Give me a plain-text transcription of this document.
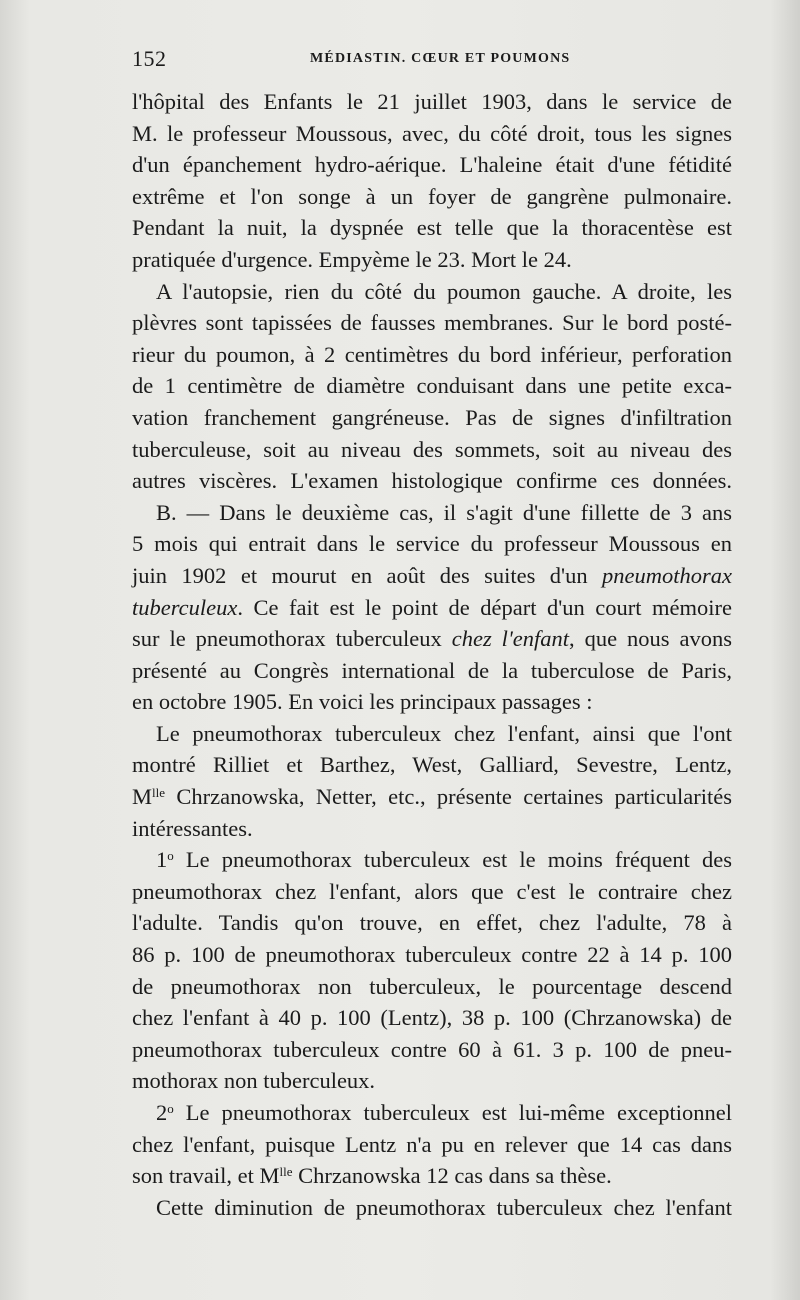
152	MÉDIASTIN. CŒUR ET POUMONS
l'hôpital des Enfants le 21 juillet 1903, dans le service de
M. le professeur Moussous, avec, du côté droit, tous les signes
d'un épanchement hydro-aérique. L'haleine était d'une fétidité
extrême et l'on songe à un foyer de gangrène pulmonaire.
Pendant la nuit, la dyspnée est telle que la thoracentèse est
pratiquée d'urgence. Empyème le 23. Mort le 24.
A l'autopsie, rien du côté du poumon gauche. A droite, les
plèvres sont tapissées de fausses membranes. Sur le bord posté-
rieur du poumon, à 2 centimètres du bord inférieur, perforation
de 1 centimètre de diamètre conduisant dans une petite exca-
vation franchement gangréneuse. Pas de signes d'infiltration
tuberculeuse, soit au niveau des sommets, soit au niveau des
autres viscères. L'examen histologique confirme ces données.
B. — Dans le deuxième cas, il s'agit d'une fillette de 3 ans
5 mois qui entrait dans le service du professeur Moussous en
juin 1902 et mourut en août des suites d'un pneumothorax
tuberculeux. Ce fait est le point de départ d'un court mémoire
sur le pneumothorax tuberculeux chez l'enfant, que nous avons
présenté au Congrès international de la tuberculose de Paris,
en octobre 1905. En voici les principaux passages :
Le pneumothorax tuberculeux chez l'enfant, ainsi que l'ont
montré Rilliet et Barthez, West, Galliard, Sevestre, Lentz,
$M^{lle}$ Chrzanowska, Netter, etc., présente certaines particularités
intéressantes.
1$^o$ Le pneumothorax tuberculeux est le moins fréquent des
pneumothorax chez l'enfant, alors que c'est le contraire chez
l'adulte. Tandis qu'on trouve, en effet, chez l'adulte, 78 à
86 p. 100 de pneumothorax tuberculeux contre 22 à 14 p. 100
de pneumothorax non tuberculeux, le pourcentage descend
chez l'enfant à 40 p. 100 (Lentz), 38 p. 100 (Chrzanowska) de
pneumothorax tuberculeux contre 60 à 61. 3 p. 100 de pneu-
mothorax non tuberculeux.
2$^o$ Le pneumothorax tuberculeux est lui-même exceptionnel
chez l'enfant, puisque Lentz n'a pu en relever que 14 cas dans
son travail, et $M^{lle}$ Chrzanowska 12 cas dans sa thèse.
Cette diminution de pneumothorax tuberculeux chez l'enfant
